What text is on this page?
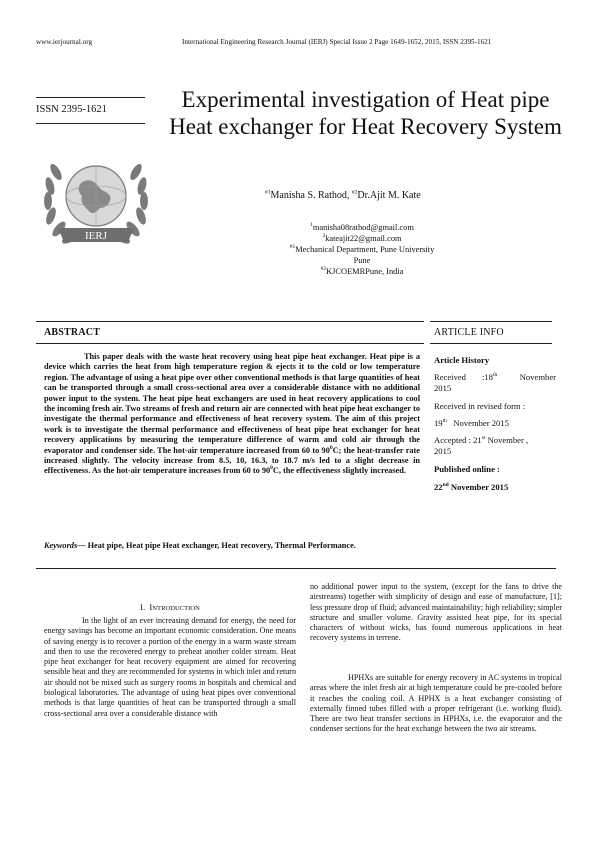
www.ierjournal.org	International Engineering Research Journal (IERJ) Special Issue 2 Page 1649-1652, 2015, ISSN 2395-1621
ISSN 2395-1621
IERJ
Experimental investigation of Heat pipe Heat exchanger for Heat Recovery System
$^{\#1}$Manisha S. Rathod, $^{\#2}$Dr.Ajit M. Kate
$^1$manisha08rathod@gmail.com
$^2$kateajit22@gmail.com
$^{\#1}$Mechanical Department, Pune University
Pune
$^{\#2}$KJCOEMRPune, India
ABSTRACT	ARTICLE INFO
This paper deals with the waste heat recovery using heat pipe heat exchanger. Heat pipe is a device which carries the heat from high temperature region & ejects it to the cold or low temperature region. The advantage of using a heat pipe over other conventional methods is that large quantities of heat can be transported through a small cross-sectional area over a considerable distance with no additional power input to the system. The heat pipe heat exchangers are used in heat recovery applications to cool the incoming fresh air. Two streams of fresh and return air are connected with heat pipe heat exchanger to investigate the thermal performance and effectiveness of heat recovery system. The aim of this project work is to investigate the thermal performance and effectiveness of heat pipe heat exchanger for heat recovery applications by measuring the temperature difference of warm and cold air through the evaporator and condenser side. The hot-air temperature increased from 60 to $90^0C$; the heat-transfer rate increased slightly. The velocity increase from 8.5, 10, 16.3, to 18.7 m/s led to a slight decrease in effectiveness. As the hot-air temperature increases from 60 to $90^0C$, the effectiveness slightly increased.
Keywords— Heat pipe, Heat pipe Heat exchanger, Heat recovery, Thermal Performance.
Article History
Received :18th	November
2015
Received in revised form :
19th November 2015
Accepted : 21st November ,
2015
Published online :
22nd November 2015
I. INTRODUCTION
In the light of an ever increasing demand for energy, the need for energy savings has become an important economic consideration. One means of saving energy is to recover a portion of the energy in a warm waste stream and then to use the recovered energy to preheat another colder stream. Heat pipe heat exchanger for heat recovery equipment are aimed for recovering sensible heat and they are recommended for systems in which inlet and return air should not be mixed such as surgery rooms in hospitals and chemical and biological laboratories. The advantage of using heat pipes over conventional methods is that large quantities of heat can be transported through a small cross-sectional area over a considerable distance with
no additional power input to the system, (except for the fans to drive the airstreams) together with simplicity of design and ease of manufacture, [1]; less pressure drop of fluid; advanced maintainability; high reliability; simpler structure and smaller volume. Gravity assisted heat pipe, for its special characters of without wicks, has found numerous applications in heat recovery systems in terrene.
HPHXs are suitable for energy recovery in AC systems in tropical areas where the inlet fresh air at high temperature could be pre-cooled before it reaches the cooling coil. A HPHX is a heat exchanger consisting of externally finned tubes filled with a proper refrigerant (i.e. working fluid). There are two heat transfer sections in HPHXs, i.e. the evaporator and the condenser sections for the heat exchange between the two air streams.
